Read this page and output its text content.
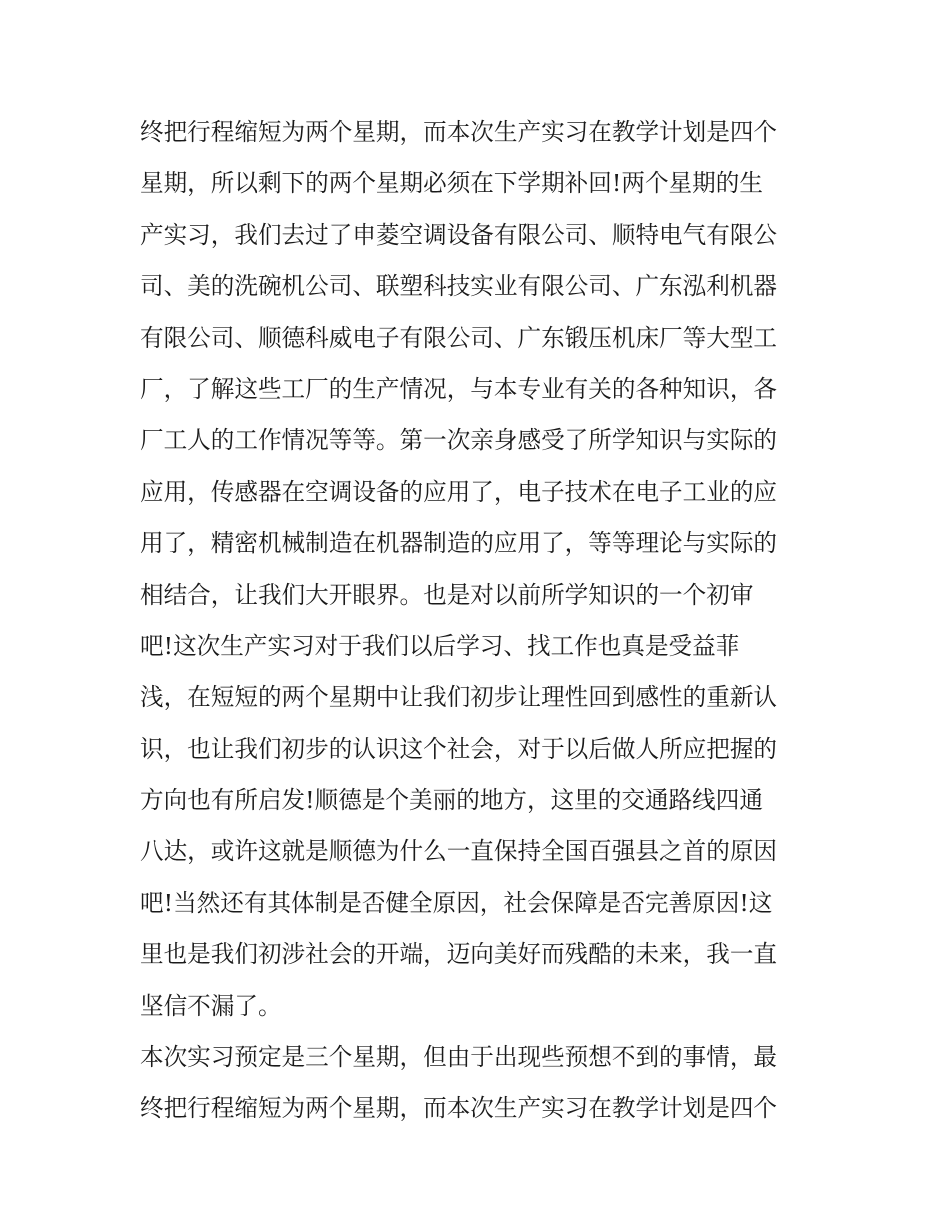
终把行程缩短为两个星期，而本次生产实习在教学计划是四个
星期，所以剩下的两个星期必须在下学期补回!两个星期的生
产实习，我们去过了申菱空调设备有限公司、顺特电气有限公
司、美的洗碗机公司、联塑科技实业有限公司、广东泓利机器
有限公司、顺德科威电子有限公司、广东锻压机床厂等大型工
厂，了解这些工厂的生产情况，与本专业有关的各种知识，各
厂工人的工作情况等等。第一次亲身感受了所学知识与实际的
应用，传感器在空调设备的应用了，电子技术在电子工业的应
用了，精密机械制造在机器制造的应用了，等等理论与实际的
相结合，让我们大开眼界。也是对以前所学知识的一个初审
吧!这次生产实习对于我们以后学习、找工作也真是受益菲
浅，在短短的两个星期中让我们初步让理性回到感性的重新认
识，也让我们初步的认识这个社会，对于以后做人所应把握的
方向也有所启发!顺德是个美丽的地方，这里的交通路线四通
八达，或许这就是顺德为什么一直保持全国百强县之首的原因
吧!当然还有其体制是否健全原因，社会保障是否完善原因!这
里也是我们初涉社会的开端，迈向美好而残酷的未来，我一直
坚信不漏了。
本次实习预定是三个星期，但由于出现些预想不到的事情，最
终把行程缩短为两个星期，而本次生产实习在教学计划是四个
